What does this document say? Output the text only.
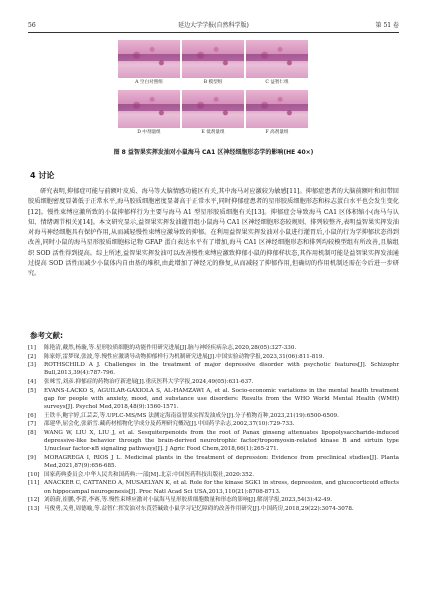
56	延边大学学报(自然科学版)	第 51 卷
A 空白对照组	B 模型组	C 益智仁组
D 中剂量组	E 低剂量组	F 高剂量组
图 8 益智果实挥发油对小鼠海马 CA1 区神经细胞形态学的影响(HE 40×)
4 讨论

研究表明,抑郁症可能与前额叶皮质、海马等大脑情感功能区有关,其中海马对应激较为敏感[11]。抑郁症患者的大脑前额叶和扣带回胶质细胞密度显著低于正常水平,海马胶质细胞密度显著高于正常水平,同时抑郁症患者的星形胶质细胞形态和标志蛋白水平也会发生变化[12]。慢性束缚应激所致的小鼠抑郁样行为主要与海马 A1 型星形胶质细胞有关[13]。抑郁症会导致海马 CA1 区体积缩小(海马与认知、情绪调节相关)[14]。本文研究显示,益智果实挥发油灌胃组小鼠海马 CA1 区神经细胞形态较规则、排列较整齐,表明益智果实挥发油对海马神经细胞具有保护作用,从而减轻慢性束缚应激导致的抑郁。在利用益智果实挥发油对小鼠进行灌胃后,小鼠的行为学抑郁状态得到改善,同时小鼠的海马星形胶质细胞标记物 GFAP 蛋白表达水平有了增加,海马 CA1 区神经细胞形态和排列均较模型组有所改善,且脑组织 SOD 活性得到提高。综上所述,益智果实挥发油可以改善慢性束缚应激致抑郁小鼠的抑郁样状态,其作用机制可能是益智果实挥发油通过提高 SOD 活性而减少小鼠体内自由基的堆积,由此增加了神经元的修复,从而减轻了抑郁作用,但确切的作用机制还需在今后进一步研究。

参考文献:
[1] 陈艳清,戴然,杨璇,等.星形胶质细胞的功能作用研究进展[J].脑与神经疾病杂志,2020,28(05):327-330.
[2] 陈家婷,雷梦琛,张波,等.慢性应激诱导动物抑郁样行为机制研究进展[J].中国实验动物学报,2023,31(06):811-819.
[3] ROTHSCHILD A J. Challenges in the treatment of major depressive disorder with psychotic features[J]. Schizophr Bull,2013,39(4):787-796.
[4] 张咪雪,刘彦.抑郁症的药物治疗新进展[J].重庆医科大学学报,2024,49(05):631-637.
[5] EVANS-LACKO S, AGUILAR-GAXIOLA S, AL-HAMZAWI A, et al. Socio-economic variations in the mental health treatment gap for people with anxiety, mood, and substance use disorders: Results from the WHO World Mental Health (WMH) surveys[J]. Psychol Med,2018,48(9):1560-1571.
[6] 王铁丰,鲍宇婷,江芸芸,等.UPLC-MS/MS 法测定海南益智果实挥发油成分[J].分子植物育种,2023,21(19):6500-6509.
[7] 邵建华,屈会化,张新雪.藏药材植物化学成分及药理研究概况[J].中国药学杂志,2002,37(10):729-733.
[8] WANG W, LIU X, LIU J, et al. Sesquiterpenoids from the root of Panax ginseng attenuates lipopolysaccharide-induced depressive-like behavior through the brain-derived neurotrophic factor/tropomyosin-related kinase B and sirtuin type 1/nuclear factor-κB signaling pathways[J]. J Agric Food Chem,2018,66(1):265-271.
[9] MORAGREGA I, RIOS J L. Medicinal plants in the treatment of depression: Evidence from preclinical studies[J]. Planta Med,2021,87(9):656-685.
[10] 国家药典委员会.中华人民共和国药典:一部[M].北京:中国医药科技出版社,2020:352.
[11] ANACKER C, CATTANEO A, MUSAELYAN K, et al. Role for the kinase SGK1 in stress, depression, and glucocorticoid effects on hippocampal neurogenesis[J]. Proc Natl Acad Sci USA,2013,110(21):8708-8713.
[12] 刘蔚蔚,崔鹏,李蕾,李赛,等.慢性束缚应激对小鼠海马星形胶质细胞数量和形态的影响[J].解剖学报,2023,54(3):42-49.
[13] 马俊勇,关勇,周德喻,等.益智仁挥发油对东莨菪碱致小鼠学习记忆障碍的改善作用研究[J].中国药房,2018,29(22):3074-3078.
